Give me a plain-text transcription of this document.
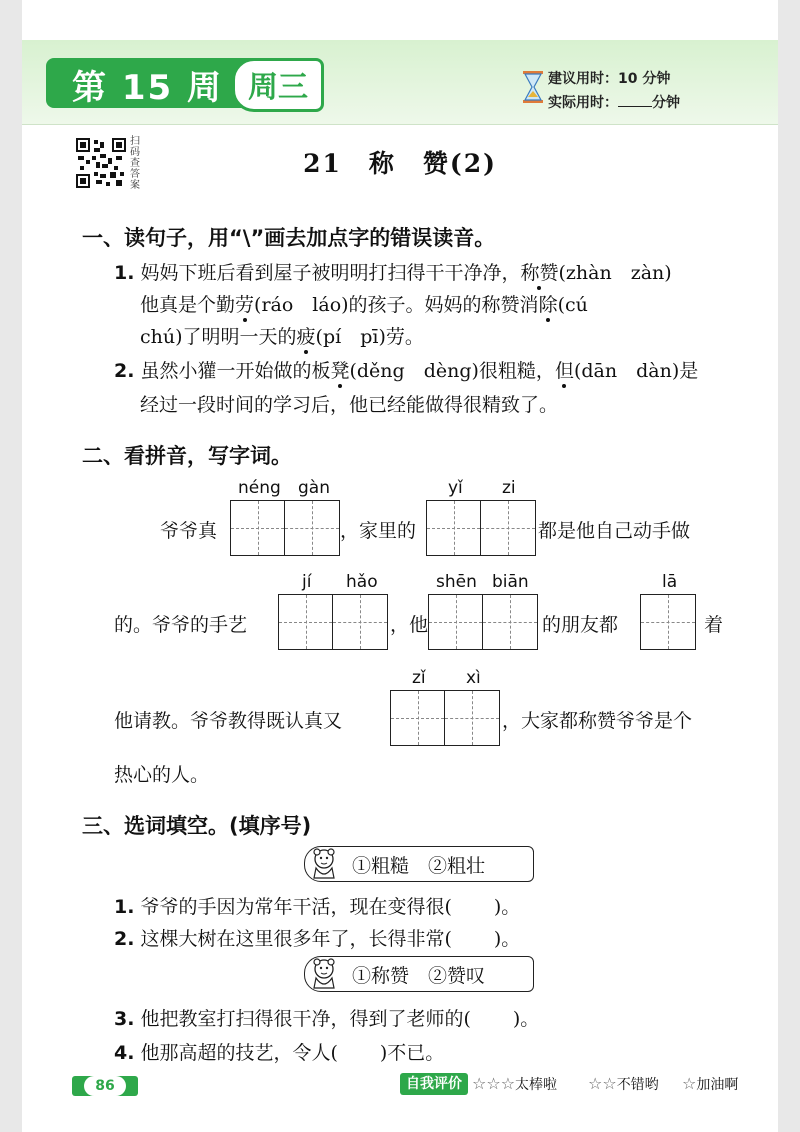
第 15 周 周三	建议用时：10 分钟
实际用时： 分钟
扫码查答案
21　称　赞(2)
一、读句子，用“\”画去加点字的错误读音。
1. 妈妈下班后看到屋子被明明打扫得干干净净，称赞(zhàn　zàn)
他真是个勤劳(ráo　láo)的孩子。妈妈的称赞消除(cú
chú)了明明一天的疲(pí　pī)劳。
2. 虽然小獾一开始做的板凳(děng　dèng)很粗糙，但(dān　dàn)是
经过一段时间的学习后，他已经能做得很精致了。
二、看拼音，写字词。
néng gàn	yǐ zi
爷爷真	，家里的	都是他自己动手做
jí hǎo	shēn biān	lā
的。爷爷的手艺	，他	的朋友都	着
zǐ xì
他请教。爷爷教得既认真又	，大家都称赞爷爷是个
热心的人。
三、选词填空。(填序号)
①粗糙　②粗壮
1. 爷爷的手因为常年干活，现在变得很( )。
2. 这棵大树在这里很多年了，长得非常( )。
①称赞　②赞叹
3. 他把教室打扫得很干净，得到了老师的( )。
4. 他那高超的技艺，令人( )不已。
86	自我评价 ☆☆☆太棒啦 ☆☆不错哟 ☆加油啊
